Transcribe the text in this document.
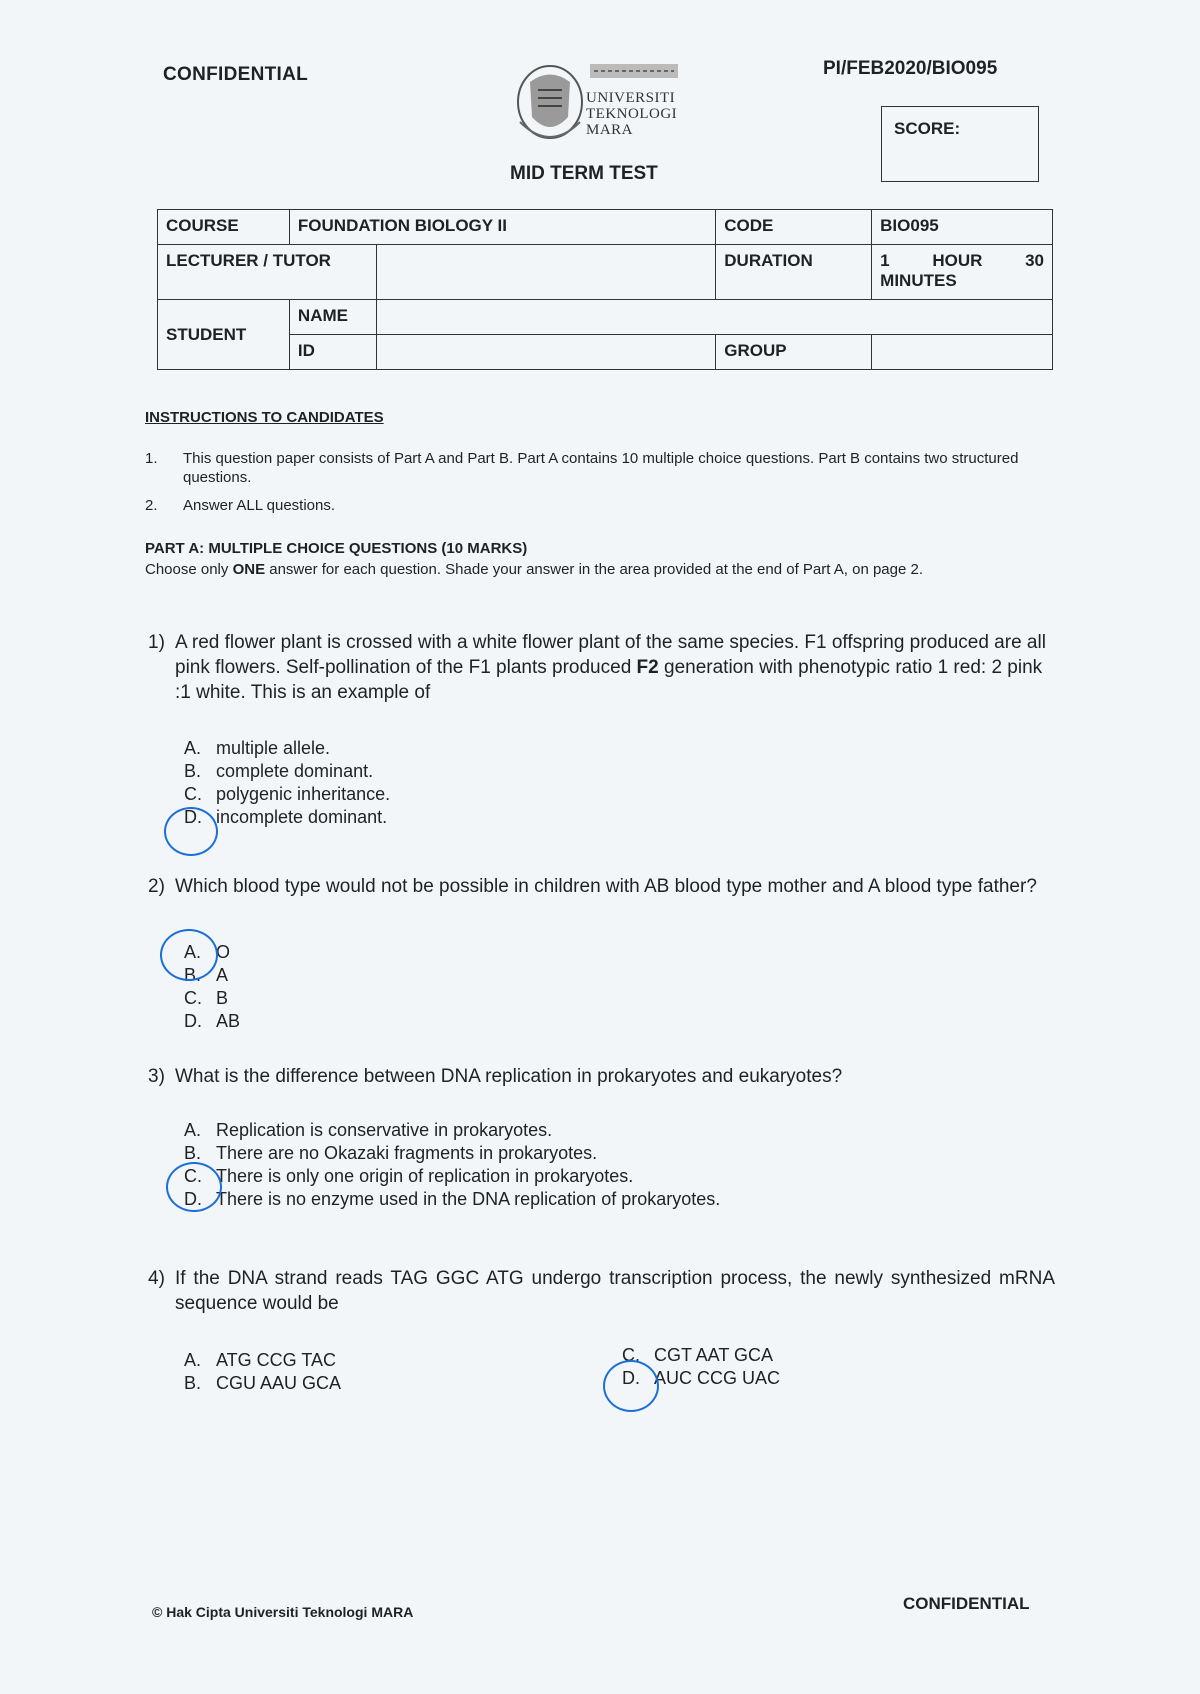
CONFIDENTIAL	PI/FEB2020/BIO095
UNIVERSITI
TEKNOLOGI
MARA	SCORE:
MID TERM TEST
COURSE	FOUNDATION BIOLOGY II		CODE	BIO095
LECTURER / TUTOR			DURATION	1 HOUR 30
MINUTES

STUDENT	NAME			
	ID		GROUP	
INSTRUCTIONS TO CANDIDATES
1. This question paper consists of Part A and Part B. Part A contains 10 multiple choice questions. Part B contains two structured questions.
2. Answer ALL questions.
PART A: MULTIPLE CHOICE QUESTIONS (10 MARKS)
Choose only ONE answer for each question. Shade your answer in the area provided at the end of Part A, on page 2.
1) A red flower plant is crossed with a white flower plant of the same species. F1 offspring produced are all pink flowers. Self-pollination of the F1 plants produced F2 generation with phenotypic ratio 1 red: 2 pink :1 white. This is an example of
A. multiple allele.
B. complete dominant.
C. polygenic inheritance.
D. incomplete dominant.
2) Which blood type would not be possible in children with AB blood type mother and A blood type father?
A. O
B. A
C. B
D. AB
3) What is the difference between DNA replication in prokaryotes and eukaryotes?
A. Replication is conservative in prokaryotes.
B. There are no Okazaki fragments in prokaryotes.
C. There is only one origin of replication in prokaryotes.
D. There is no enzyme used in the DNA replication of prokaryotes.
4) If the DNA strand reads TAG GGC ATG undergo transcription process, the newly synthesized mRNA sequence would be
A. ATG CCG TAC
B. CGU AAU GCA
C. CGT AAT GCA
D. AUC CCG UAC
© Hak Cipta Universiti Teknologi MARA	CONFIDENTIAL
